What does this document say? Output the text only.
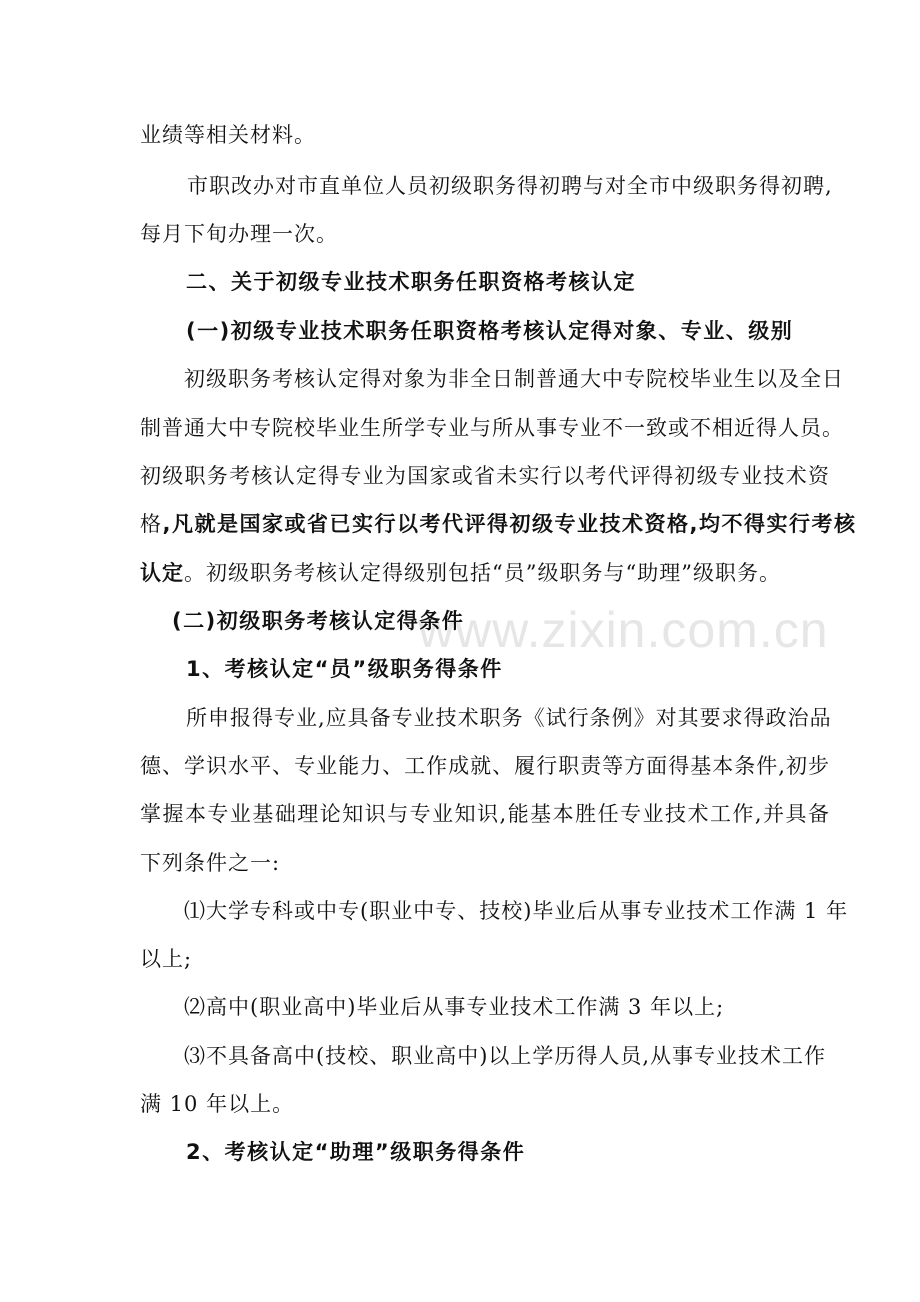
www.zixin.com.cn
业绩等相关材料。
市职改办对市直单位人员初级职务得初聘与对全市中级职务得初聘,
每月下旬办理一次。
二、关于初级专业技术职务任职资格考核认定
(一)初级专业技术职务任职资格考核认定得对象、专业、级别
初级职务考核认定得对象为非全日制普通大中专院校毕业生以及全日
制普通大中专院校毕业生所学专业与所从事专业不一致或不相近得人员。
初级职务考核认定得专业为国家或省未实行以考代评得初级专业技术资
格,凡就是国家或省已实行以考代评得初级专业技术资格,均不得实行考核
认定。初级职务考核认定得级别包括“员”级职务与“助理”级职务。
(二)初级职务考核认定得条件
1、考核认定“员”级职务得条件
所申报得专业,应具备专业技术职务《试行条例》对其要求得政治品
德、学识水平、专业能力、工作成就、履行职责等方面得基本条件,初步
掌握本专业基础理论知识与专业知识,能基本胜任专业技术工作,并具备
下列条件之一:
⑴大学专科或中专(职业中专、技校)毕业后从事专业技术工作满 1 年
以上;
⑵高中(职业高中)毕业后从事专业技术工作满 3 年以上;
⑶不具备高中(技校、职业高中)以上学历得人员,从事专业技术工作
满 10 年以上。
2、考核认定“助理”级职务得条件
